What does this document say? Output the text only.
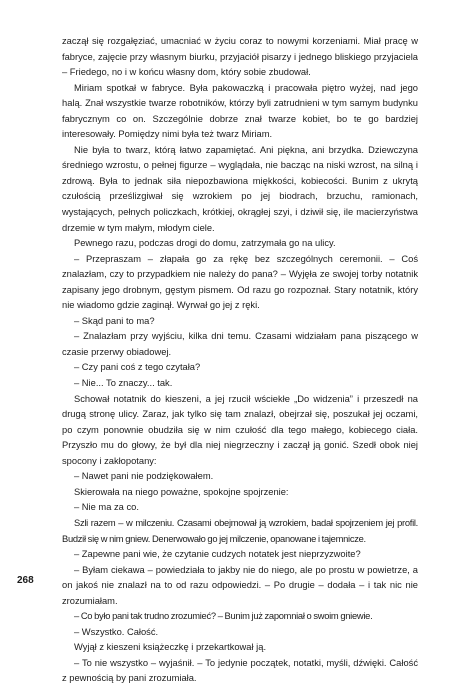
zaczął się rozgałęziać, umacniać w życiu coraz to nowymi korzeniami. Miał pracę w fabryce, zajęcie przy własnym biurku, przyjaciół pisarzy i jednego bliskiego przyjaciela – Friedego, no i w końcu własny dom, który sobie zbudował.

Miriam spotkał w fabryce. Była pakowaczką i pracowała piętro wyżej, nad jego halą. Znał wszystkie twarze robotników, którzy byli zatrudnieni w tym samym budynku fabrycznym co on. Szczególnie dobrze znał twarze kobiet, bo te go bardziej interesowały. Pomiędzy nimi była też twarz Miriam.

Nie była to twarz, którą łatwo zapamiętać. Ani piękna, ani brzydka. Dziewczyna średniego wzrostu, o pełnej figurze – wyglądała, nie bacząc na niski wzrost, na silną i zdrową. Była to jednak siła niepozbawiona miękkości, kobiecości. Bunim z ukrytą czułością prześlizgiwał się wzrokiem po jej biodrach, brzuchu, ramionach, wystających, pełnych policzkach, krótkiej, okrągłej szyi, i dziwił się, ile macierzyństwa drzemie w tym małym, młodym ciele.

Pewnego razu, podczas drogi do domu, zatrzymała go na ulicy.

– Przepraszam – złapała go za rękę bez szczególnych ceremonii. – Coś znalazłam, czy to przypadkiem nie należy do pana? – Wyjęła ze swojej torby notatnik zapisany jego drobnym, gęstym pismem. Od razu go rozpoznał. Stary notatnik, który nie wiadomo gdzie zaginął. Wyrwał go jej z ręki.

– Skąd pani to ma?

– Znalazłam przy wyjściu, kilka dni temu. Czasami widziałam pana piszącego w czasie przerwy obiadowej.

– Czy pani coś z tego czytała?

– Nie... To znaczy... tak.

Schował notatnik do kieszeni, a jej rzucił wściekłe „Do widzenia” i przeszedł na drugą stronę ulicy. Zaraz, jak tylko się tam znalazł, obejrzał się, poszukał jej oczami, po czym ponownie obudziła się w nim czułość dla tego małego, kobiecego ciała. Przyszło mu do głowy, że był dla niej niegrzeczny i zaczął ją gonić. Szedł obok niej spocony i zakłopotany:

– Nawet pani nie podziękowałem.

Skierowała na niego poważne, spokojne spojrzenie:

– Nie ma za co.

Szli razem – w milczeniu. Czasami obejmował ją wzrokiem, badał spojrzeniem jej profil. Budził się w nim gniew. Denerwowało go jej milczenie, opanowane i tajemnicze.

– Zapewne pani wie, że czytanie cudzych notatek jest nieprzyzwoite?

– Byłam ciekawa – powiedziała to jakby nie do niego, ale po prostu w powietrze, a on jakoś nie znalazł na to od razu odpowiedzi. – Po drugie – dodała – i tak nic nie zrozumiałam.

– Co było pani tak trudno zrozumieć? – Bunim już zapomniał o swoim gniewie.

– Wszystko. Całość.

Wyjął z kieszeni książeczkę i przekartkował ją.

– To nie wszystko – wyjaśnił. – To jedynie początek, notatki, myśli, dźwięki. Całość z pewnością by pani zrozumiała.

268
